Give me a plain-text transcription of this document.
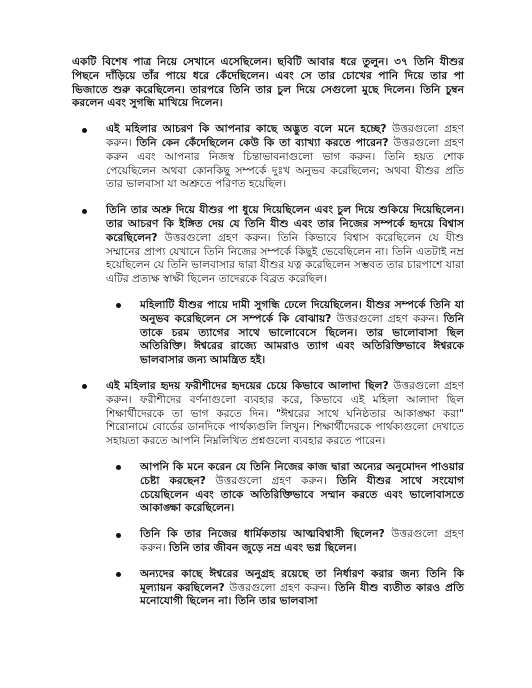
একটি বিশেষ পাত্র নিয়ে সেখানে এসেছিলেন। ছবিটি আবার ধরে তুলুন। ৩৭ তিনি যীশুর পিছনে দাঁড়িয়ে তাঁর পায়ে ধরে কেঁদেছিলেন। এবং সে তার চোখের পানি দিয়ে তার পা ভিজাতে শুরু করেছিলেন। তারপরে তিনি তার চুল দিয়ে সেগুলো মুছে দিলেন। তিনি চুম্বন করলেন এবং সুগন্ধি মাখিয়ে দিলেন।

এই মহিলার আচরণ কি আপনার কাছে অদ্ভুত বলে মনে হচ্ছে? উত্তরগুলো গ্রহণ করুন। তিনি কেন কেঁদেছিলেন কেউ কি তা ব্যাখ্যা করতে পারেন? উত্তরগুলো গ্রহণ করুন এবং আপনার নিজস্ব চিন্তাভাবনাগুলো ভাগ করুন। তিনি হয়ত শোক পেয়েছিলেন অথবা কোনকিছু সম্পর্কে দুঃখ অনুভব করেছিলেন; অথবা যীশুর প্রতি তার ভালবাসা যা অশ্রুতে পরিণত হয়েছিল।
তিনি তার অশ্রু দিয়ে যীশুর পা ধুয়ে দিয়েছিলেন এবং চুল দিয়ে শুকিয়ে দিয়েছিলেন। তার আচরণ কি ইঙ্গিত দেয় যে তিনি যীশু এবং তার নিজের সম্পর্কে হৃদয়ে বিশ্বাস করেছিলেন? উত্তরগুলো গ্রহণ করুন। তিনি কিভাবে বিশ্বাস করেছিলেন যে যীশু সম্মানের প্রাপ্য যেখানে তিনি নিজের সম্পর্কে কিছুই ভেবেছিলেন না। তিনি এতটাই নম্র হয়েছিলেন যে তিনি ভালবাসার দ্বারা যীশুর যত্ন করেছিলেন সম্ভবত তার চারপাশে যারা এটির প্রত্যক্ষ স্বাক্ষী ছিলেন তাদেরকে বিব্রত করেছিল।
মহিলাটি যীশুর পায়ে দামী সুগন্ধি ঢেলে দিয়েছিলেন। যীশুর সম্পর্কে তিনি যা অনুভব করেছিলেন সে সম্পর্কে কি বোঝায়? উত্তরগুলো গ্রহণ করুন। তিনি তাকে চরম ত্যাগের সাথে ভালোবেসে ছিলেন। তার ভালোবাসা ছিল অতিরিক্তি। ঈশ্বরের রাজ্যে আমরাও ত্যাগ এবং অতিরিক্তিভাবে ঈশ্বরকে ভালবাসার জন্য আমন্ত্রিত হই।
এই মহিলার হৃদয় ফরীশীদের হৃদয়ের চেয়ে কিভাবে আলাদা ছিল? উত্তরগুলো গ্রহণ করুন। ফরীশীদের বর্ণনাগুলো ব্যবহার করে, কিভাবে এই মহিলা আলাদা ছিল শিক্ষার্থীদেরকে তা ভাগ করতে দিন। "ঈশ্বরের সাথে ঘনিষ্ঠতার আকাঙ্ক্ষা করা" শিরোনামে বোর্ডের ডানদিকে পার্থক্যগুলি লিখুন। শিক্ষার্থীদেরকে পার্থক্যগুলো দেখাতে সহায়তা করতে আপনি নিম্নলিখিত প্রশ্নগুলো ব্যবহার করতে পারেন।
আপনি কি মনে করেন যে তিনি নিজের কাজ দ্বারা অন্যের অনুমোদন পাওয়ার চেষ্টা করছেন? উত্তরগুলো গ্রহণ করুন। তিনি যীশুর সাথে সংযোগ চেয়েছিলেন এবং তাকে অতিরিক্তিভাবে সম্মান করতে এবং ভালোবাসতে আকাঙ্ক্ষা করেছিলেন।
তিনি কি তার নিজের ধার্মিকতায় আত্মবিশ্বাসী ছিলেন? উত্তরগুলো গ্রহণ করুন। তিনি তার জীবন জুড়ে নম্র এবং ভগ্ন ছিলেন।
অন্যদের কাছে ঈশ্বরের অনুগ্রহ রয়েছে তা নির্ধারণ করার জন্য তিনি কি মূল্যায়ন করছিলেন? উত্তরগুলো গ্রহণ করুন। তিনি যীশু ব্যতীত কারও প্রতি মনোযোগী ছিলেন না। তিনি তার ভালবাসা
